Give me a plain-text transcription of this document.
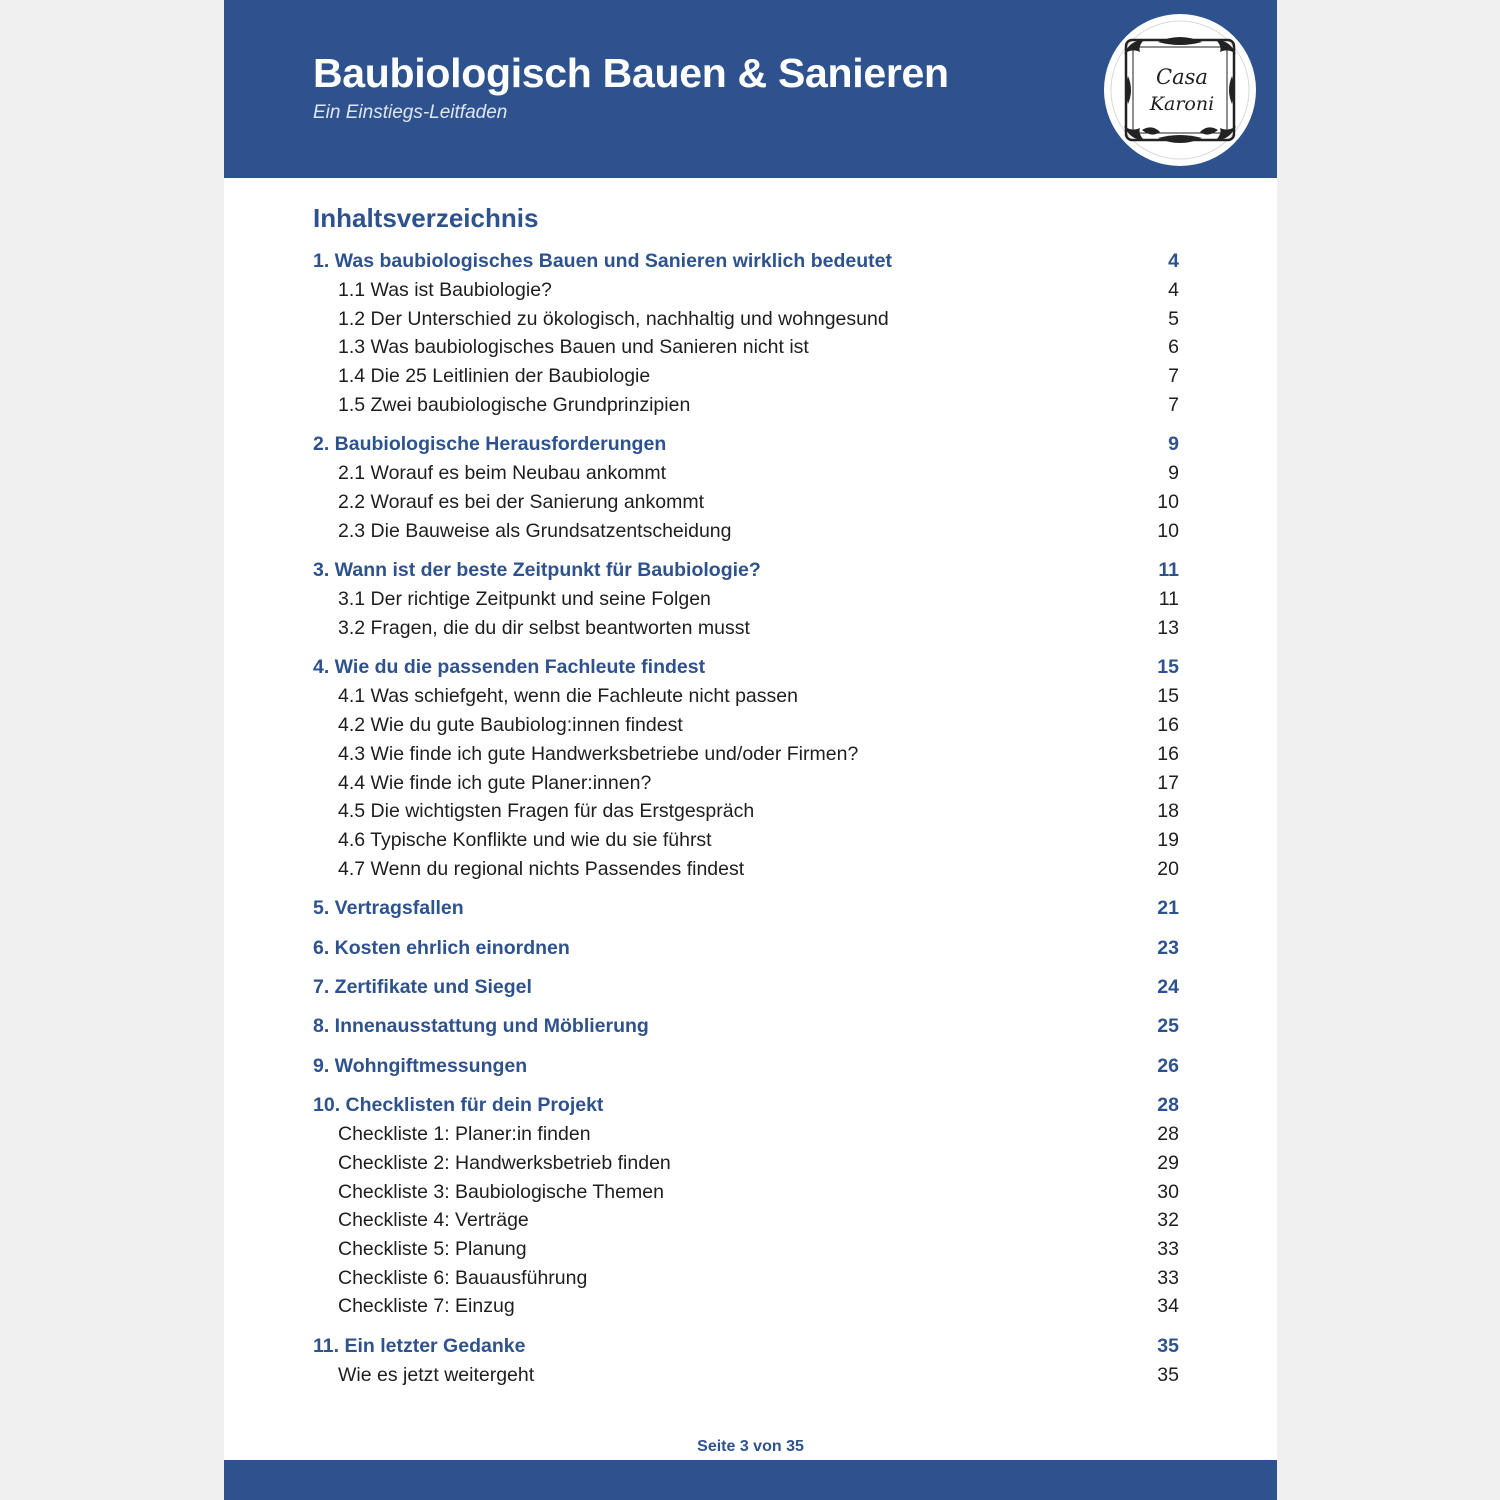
Baubiologisch Bauen & Sanieren
Ein Einstiegs-Leitfaden
Casa
Karoni
Inhaltsverzeichnis
1. Was baubiologisches Bauen und Sanieren wirklich bedeutet	4
1.1 Was ist Baubiologie?	4
1.2 Der Unterschied zu ökologisch, nachhaltig und wohngesund	5
1.3 Was baubiologisches Bauen und Sanieren nicht ist	6
1.4 Die 25 Leitlinien der Baubiologie	7
1.5 Zwei baubiologische Grundprinzipien	7
2. Baubiologische Herausforderungen	9
2.1 Worauf es beim Neubau ankommt	9
2.2 Worauf es bei der Sanierung ankommt	10
2.3 Die Bauweise als Grundsatzentscheidung	10
3. Wann ist der beste Zeitpunkt für Baubiologie?	11
3.1 Der richtige Zeitpunkt und seine Folgen	11
3.2 Fragen, die du dir selbst beantworten musst	13
4. Wie du die passenden Fachleute findest	15
4.1 Was schiefgeht, wenn die Fachleute nicht passen	15
4.2 Wie du gute Baubiolog:innen findest	16
4.3 Wie finde ich gute Handwerksbetriebe und/oder Firmen?	16
4.4 Wie finde ich gute Planer:innen?	17
4.5 Die wichtigsten Fragen für das Erstgespräch	18
4.6 Typische Konflikte und wie du sie führst	19
4.7 Wenn du regional nichts Passendes findest	20
5. Vertragsfallen	21
6. Kosten ehrlich einordnen	23
7. Zertifikate und Siegel	24
8. Innenausstattung und Möblierung	25
9. Wohngiftmessungen	26
10. Checklisten für dein Projekt	28
Checkliste 1: Planer:in finden	28
Checkliste 2: Handwerksbetrieb finden	29
Checkliste 3: Baubiologische Themen	30
Checkliste 4: Verträge	32
Checkliste 5: Planung	33
Checkliste 6: Bauausführung	33
Checkliste 7: Einzug	34
11. Ein letzter Gedanke	35
Wie es jetzt weitergeht	35
Seite 3 von 35
